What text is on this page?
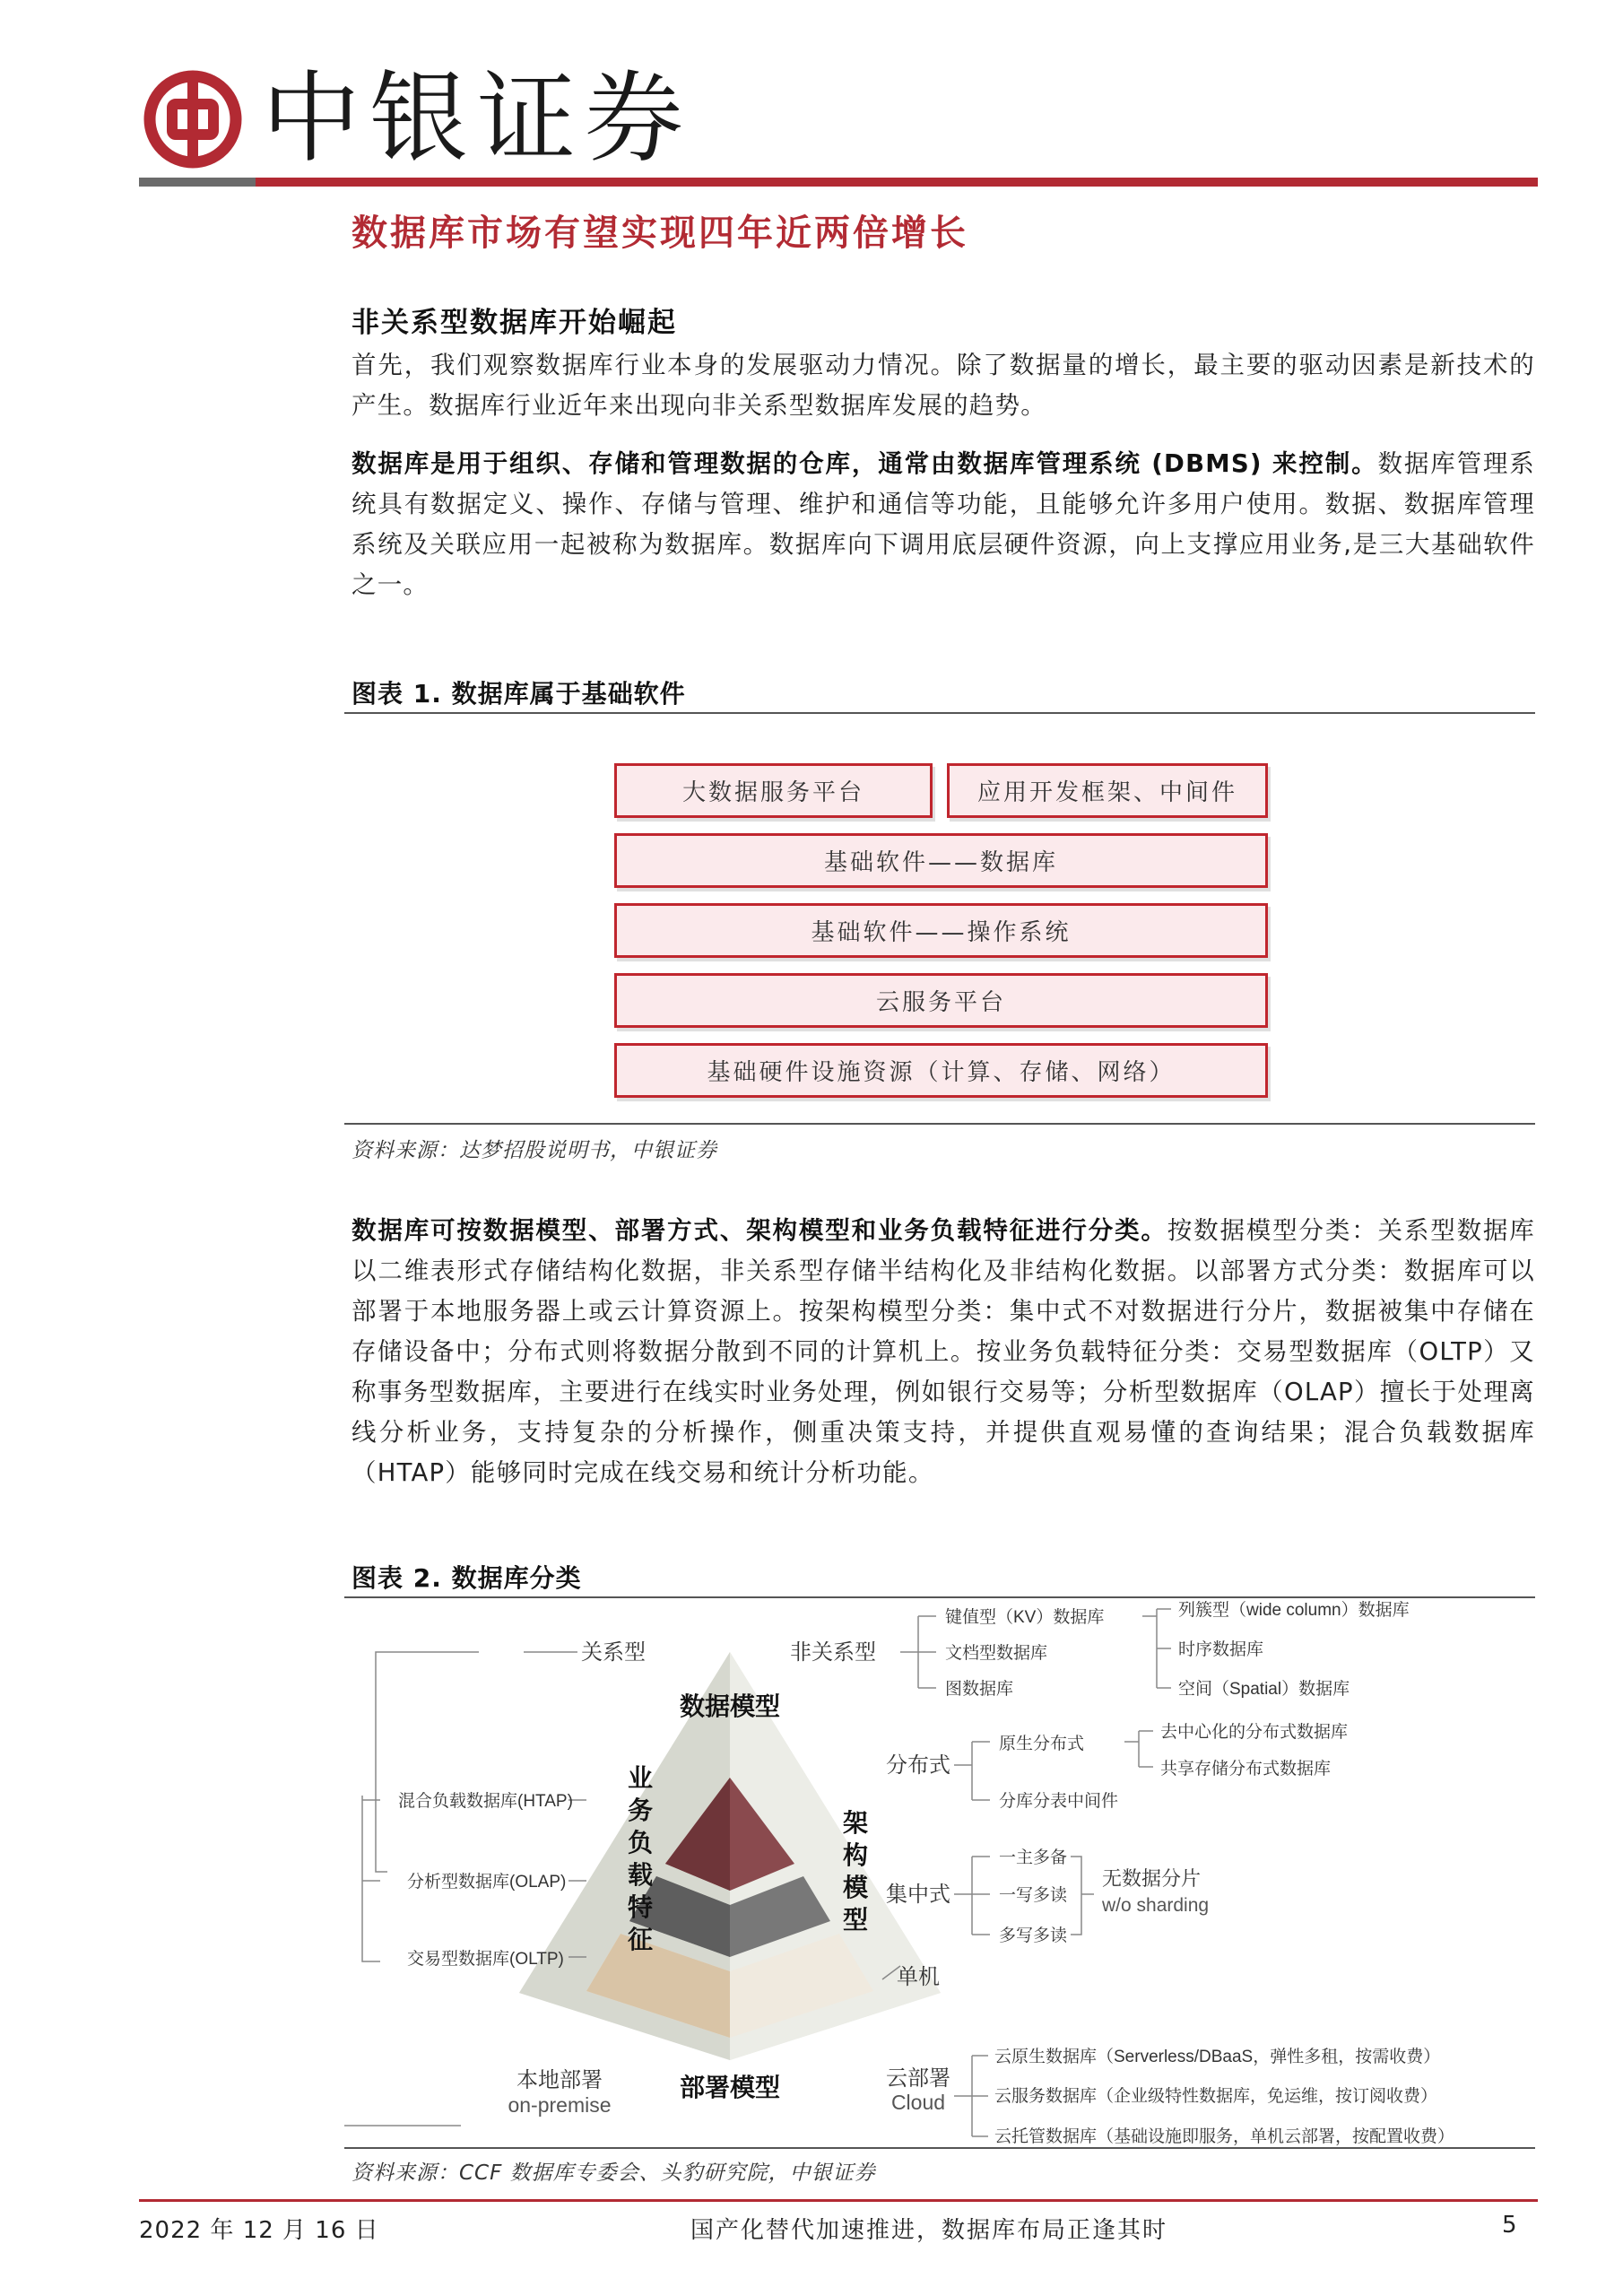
中银证券
数据库市场有望实现四年近两倍增长
非关系型数据库开始崛起
首先，我们观察数据库行业本身的发展驱动力情况。除了数据量的增长，最主要的驱动因素是新技术的产生。数据库行业近年来出现向非关系型数据库发展的趋势。
数据库是用于组织、存储和管理数据的仓库，通常由数据库管理系统 (DBMS) 来控制。数据库管理系统具有数据定义、操作、存储与管理、维护和通信等功能，且能够允许多用户使用。数据、数据库管理系统及关联应用一起被称为数据库。数据库向下调用底层硬件资源，向上支撑应用业务,是三大基础软件之一。
图表 1. 数据库属于基础软件
大数据服务平台	应用开发框架、中间件
基础软件——数据库
基础软件——操作系统
云服务平台
基础硬件设施资源（计算、存储、网络）
资料来源：达梦招股说明书，中银证券
数据库可按数据模型、部署方式、架构模型和业务负载特征进行分类。按数据模型分类：关系型数据库以二维表形式存储结构化数据，非关系型存储半结构化及非结构化数据。以部署方式分类：数据库可以部署于本地服务器上或云计算资源上。按架构模型分类：集中式不对数据进行分片，数据被集中存储在存储设备中；分布式则将数据分散到不同的计算机上。按业务负载特征分类：交易型数据库（OLTP）又称事务型数据库，主要进行在线实时业务处理，例如银行交易等；分析型数据库（OLAP）擅长于处理离线分析业务，支持复杂的分析操作，侧重决策支持，并提供直观易懂的查询结果；混合负载数据库（HTAP）能够同时完成在线交易和统计分析功能。
图表 2. 数据库分类
数据模型
业
务
负
载
特
征
架
构
模
型
部署模型
关系型
混合负载数据库(HTAP)
分析型数据库(OLAP)
交易型数据库(OLTP)
本地部署
on-premise
非关系型
键值型（KV）数据库
文档型数据库
图数据库
列簇型（wide column）数据库
时序数据库
空间（Spatial）数据库
分布式
原生分布式
去中心化的分布式数据库
共享存储分布式数据库
分库分表中间件
集中式
一主多备
一写多读
多写多读
无数据分片
w/o sharding
单机
云部署
Cloud
云原生数据库（Serverless/DBaaS，弹性多租，按需收费）
云服务数据库（企业级特性数据库，免运维，按订阅收费）
云托管数据库（基础设施即服务，单机云部署，按配置收费）
资料来源：CCF 数据库专委会、头豹研究院，中银证券
2022 年 12 月 16 日	国产化替代加速推进，数据库布局正逢其时	5
